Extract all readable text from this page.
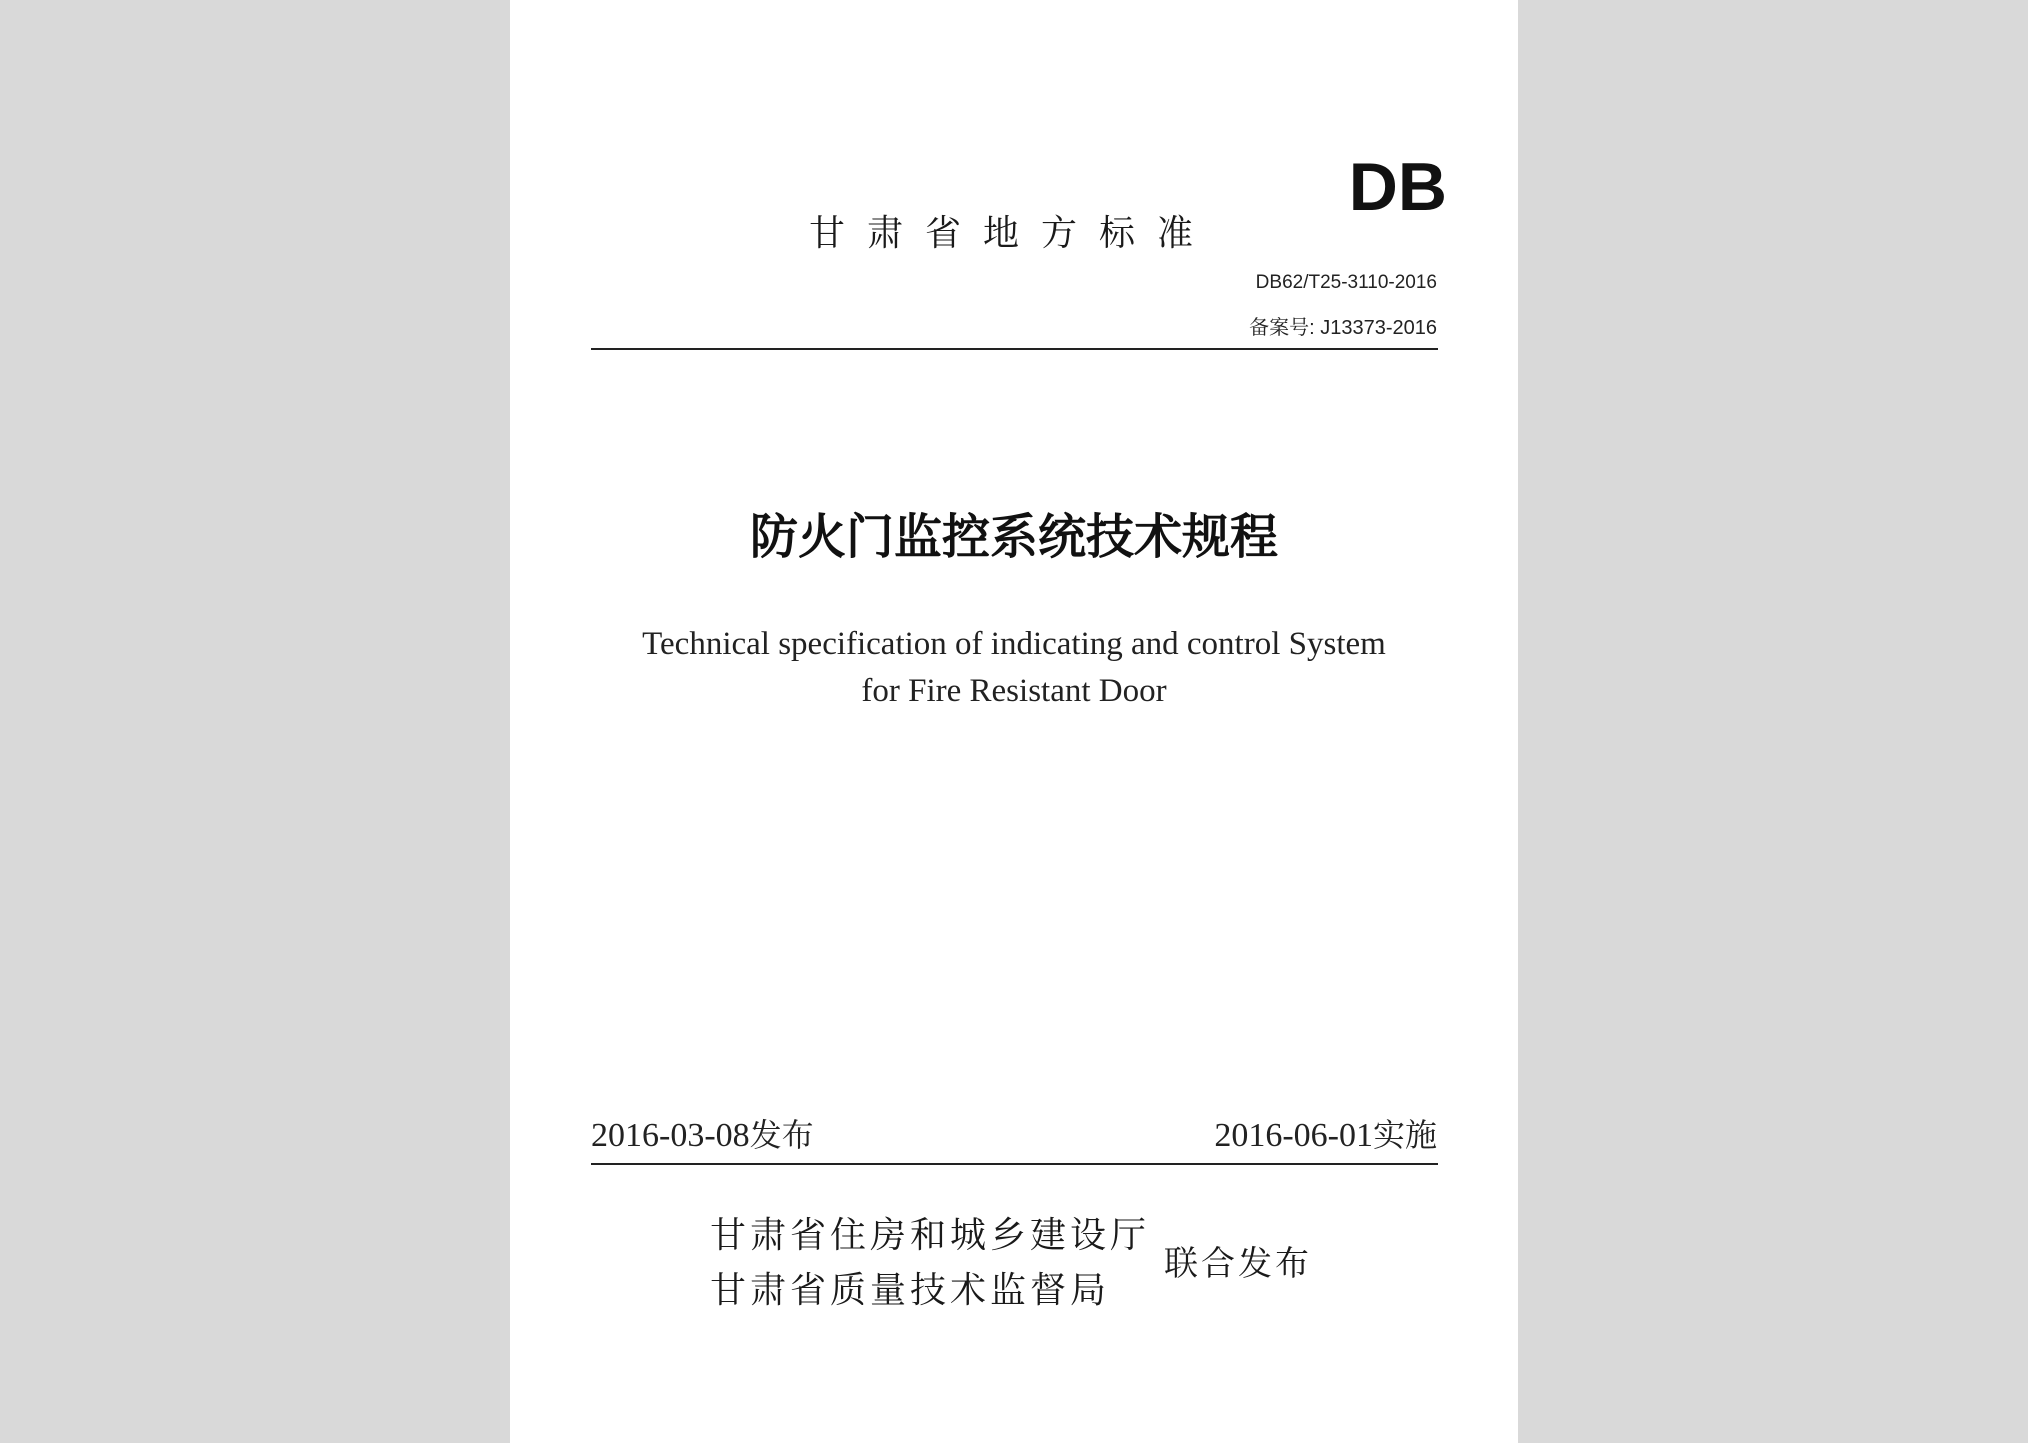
甘肃省地方标准
DB
DB62/T25-3110-2016
备案号: J13373-2016
防火门监控系统技术规程
Technical specification of indicating and control System
for Fire Resistant Door
2016-03-08发布	2016-06-01实施
甘肃省住房和城乡建设厅
甘肃省质量技术监督局
联合发布
